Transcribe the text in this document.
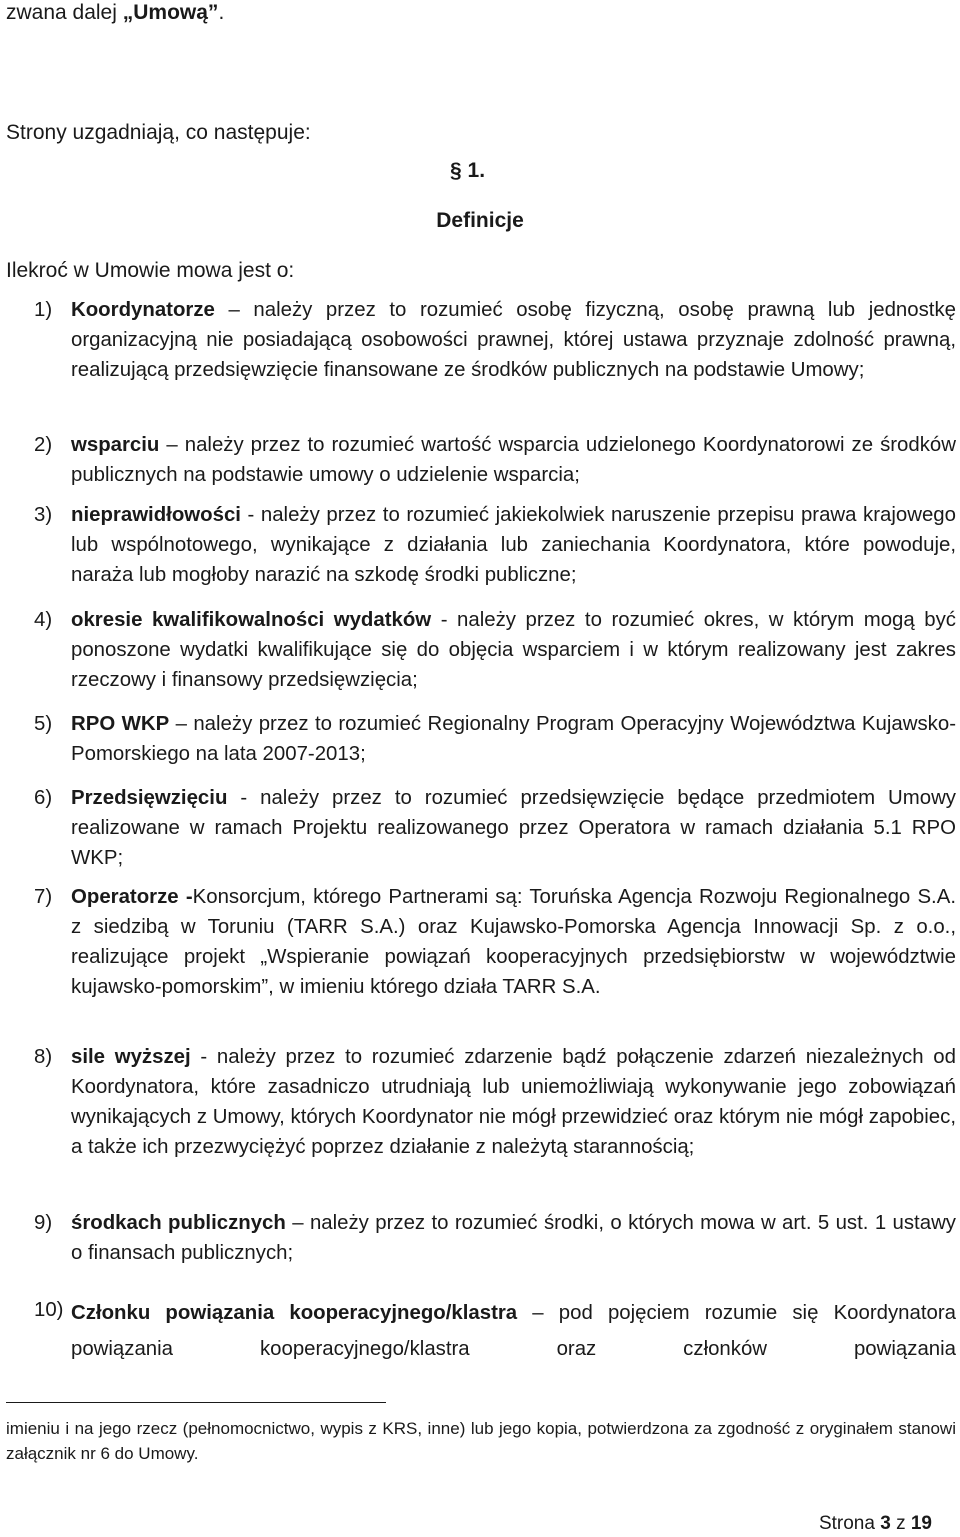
zwana dalej „Umową”.
Strony uzgadniają, co następuje:
§ 1.
Definicje
Ilekroć w Umowie mowa jest o:
1) Koordynatorze – należy przez to rozumieć osobę fizyczną, osobę prawną lub jednostkę organizacyjną nie posiadającą osobowości prawnej, której ustawa przyznaje zdolność prawną, realizującą przedsięwzięcie finansowane ze środków publicznych na podstawie Umowy;
2) wsparciu – należy przez to rozumieć wartość wsparcia udzielonego Koordynatorowi ze środków publicznych na podstawie umowy o udzielenie wsparcia;
3) nieprawidłowości - należy przez to rozumieć jakiekolwiek naruszenie przepisu prawa krajowego lub wspólnotowego, wynikające z działania lub zaniechania Koordynatora, które powoduje, naraża lub mogłoby narazić na szkodę środki publiczne;
4) okresie kwalifikowalności wydatków - należy przez to rozumieć okres, w którym mogą być ponoszone wydatki kwalifikujące się do objęcia wsparciem i w którym realizowany jest zakres rzeczowy i finansowy przedsięwzięcia;
5) RPO WKP – należy przez to rozumieć Regionalny Program Operacyjny Województwa Kujawsko-Pomorskiego na lata 2007-2013;
6) Przedsięwzięciu - należy przez to rozumieć przedsięwzięcie będące przedmiotem Umowy realizowane w ramach Projektu realizowanego przez Operatora w ramach działania 5.1 RPO WKP;
7) Operatorze -Konsorcjum, którego Partnerami są: Toruńska Agencja Rozwoju Regionalnego S.A. z siedzibą w Toruniu (TARR S.A.) oraz Kujawsko-Pomorska Agencja Innowacji Sp. z o.o., realizujące projekt „Wspieranie powiązań kooperacyjnych przedsiębiorstw w województwie kujawsko-pomorskim”, w imieniu którego działa TARR S.A.
8) sile wyższej - należy przez to rozumieć zdarzenie bądź połączenie zdarzeń niezależnych od Koordynatora, które zasadniczo utrudniają lub uniemożliwiają wykonywanie jego zobowiązań wynikających z Umowy, których Koordynator nie mógł przewidzieć oraz którym nie mógł zapobiec, a także ich przezwyciężyć poprzez działanie z należytą starannością;
9) środkach publicznych – należy przez to rozumieć środki, o których mowa w art. 5 ust. 1 ustawy o finansach publicznych;
10) Członku powiązania kooperacyjnego/klastra – pod pojęciem rozumie się Koordynatora powiązania kooperacyjnego/klastra oraz członków powiązania
imieniu i na jego rzecz (pełnomocnictwo, wypis z KRS, inne) lub jego kopia, potwierdzona za zgodność z oryginałem stanowi załącznik nr 6 do Umowy.
Strona 3 z 19
